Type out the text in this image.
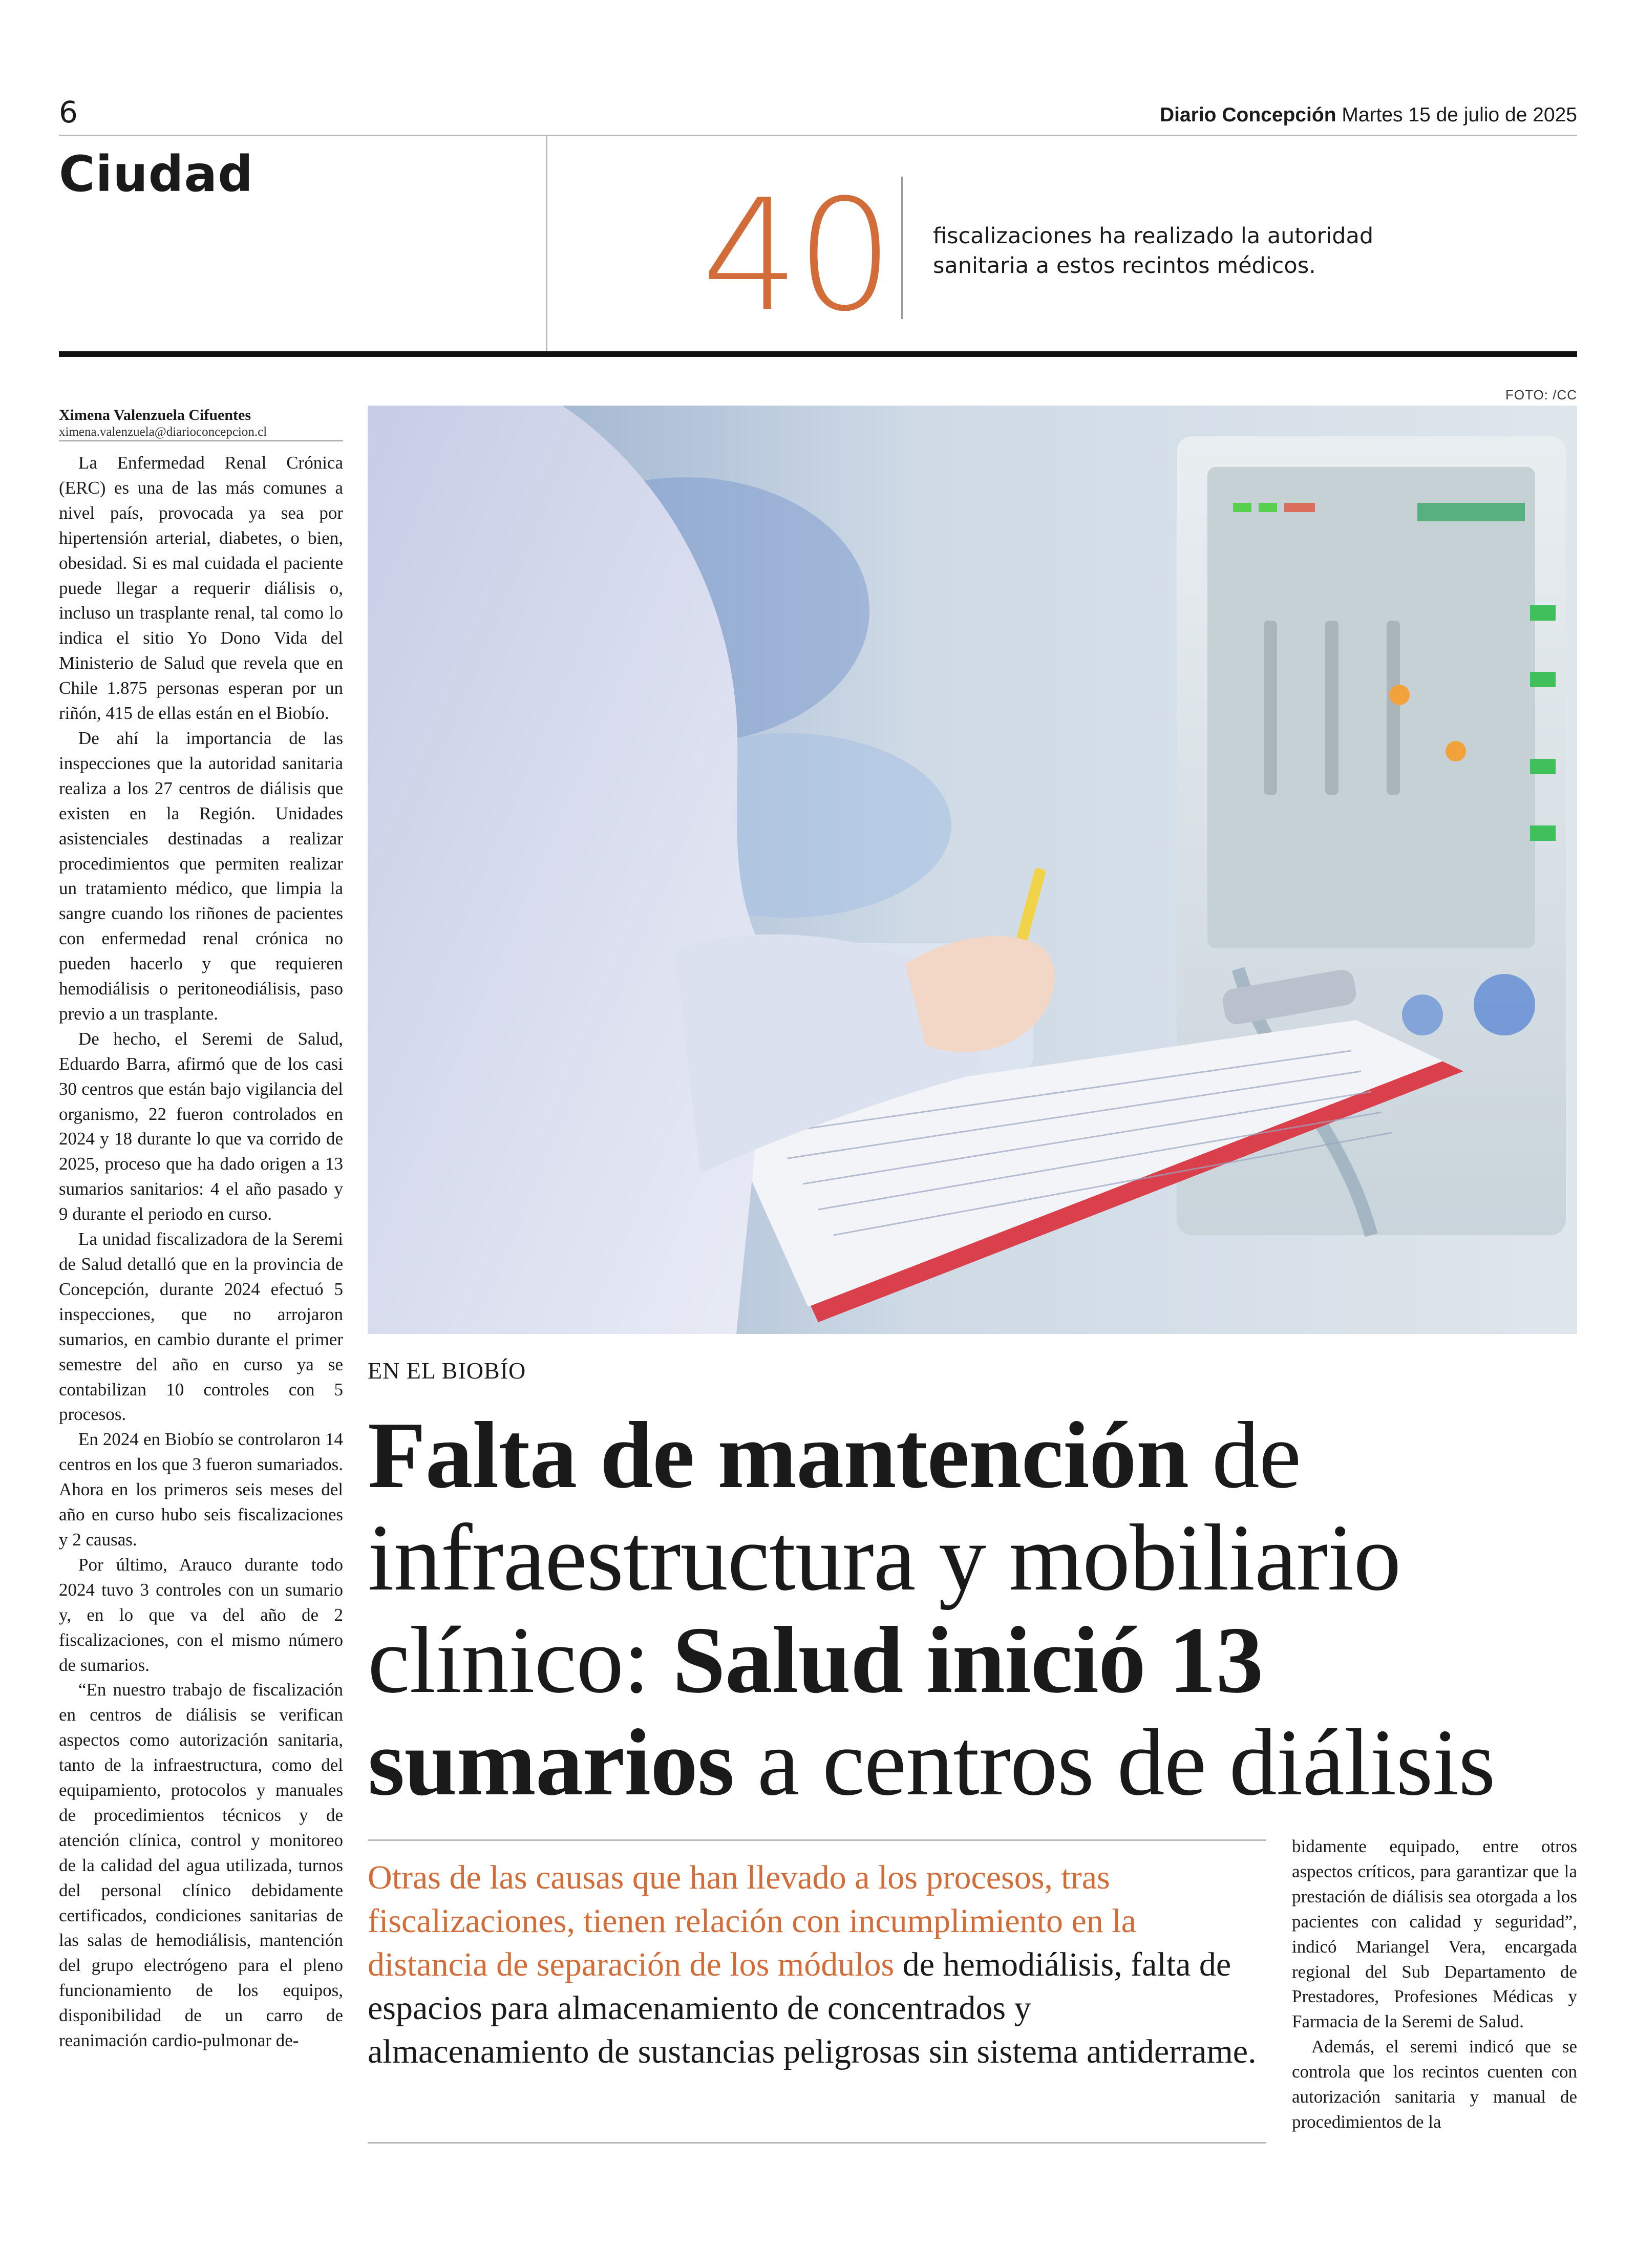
6	Diario Concepción Martes 15 de julio de 2025
Ciudad	40 fiscalizaciones ha realizado la autoridad sanitaria a estos recintos médicos.
FOTO: /CC
Ximena Valenzuela Cifuentes
ximena.valenzuela@diarioconcepcion.cl

La Enfermedad Renal Crónica (ERC) es una de las más comunes a nivel país, provocada ya sea por hipertensión arterial, diabetes, o bien, obesidad. Si es mal cuidada el paciente puede llegar a requerir diálisis o, incluso un trasplante renal, tal como lo indica el sitio Yo Dono Vida del Ministerio de Salud que revela que en Chile 1.875 personas esperan por un riñón, 415 de ellas están en el Biobío.

De ahí la importancia de las inspecciones que la autoridad sanitaria realiza a los 27 centros de diálisis que existen en la Región. Unidades asistenciales destinadas a realizar procedimientos que permiten realizar un tratamiento médico, que limpia la sangre cuando los riñones de pacientes con enfermedad renal crónica no pueden hacerlo y que requieren hemodiálisis o peritoneodiálisis, paso previo a un trasplante.

De hecho, el Seremi de Salud, Eduardo Barra, afirmó que de los casi 30 centros que están bajo vigilancia del organismo, 22 fueron controlados en 2024 y 18 durante lo que va corrido de 2025, proceso que ha dado origen a 13 sumarios sanitarios: 4 el año pasado y 9 durante el periodo en curso.

La unidad fiscalizadora de la Seremi de Salud detalló que en la provincia de Concepción, durante 2024 efectuó 5 inspecciones, que no arrojaron sumarios, en cambio durante el primer semestre del año en curso ya se contabilizan 10 controles con 5 procesos.

En 2024 en Biobío se controlaron 14 centros en los que 3 fueron sumariados. Ahora en los primeros seis meses del año en curso hubo seis fiscalizaciones y 2 causas.

Por último, Arauco durante todo 2024 tuvo 3 controles con un sumario y, en lo que va del año de 2 fiscalizaciones, con el mismo número de sumarios.

“En nuestro trabajo de fiscalización en centros de diálisis se verifican aspectos como autorización sanitaria, tanto de la infraestructura, como del equipamiento, protocolos y manuales de procedimientos técnicos y de atención clínica, control y monitoreo de la calidad del agua utilizada, turnos del personal clínico debidamente certificados, condiciones sanitarias de las salas de hemodiálisis, mantención del grupo electrógeno para el pleno funcionamiento de los equipos, disponibilidad de un carro de reanimación cardio-pulmonar de-

EN EL BIOBÍO
Falta de mantención de infraestructura y mobiliario clínico: Salud inició 13 sumarios a centros de diálisis
Otras de las causas que han llevado a los procesos, tras fiscalizaciones, tienen relación con incumplimiento en la distancia de separación de los módulos de hemodiálisis, falta de espacios para almacenamiento de concentrados y almacenamiento de sustancias peligrosas sin sistema antiderrame.

bidamente equipado, entre otros aspectos críticos, para garantizar que la prestación de diálisis sea otorgada a los pacientes con calidad y seguridad”, indicó Mariangel Vera, encargada regional del Sub Departamento de Prestadores, Profesiones Médicas y Farmacia de la Seremi de Salud.

Además, el seremi indicó que se controla que los recintos cuenten con autorización sanitaria y manual de procedimientos de la
